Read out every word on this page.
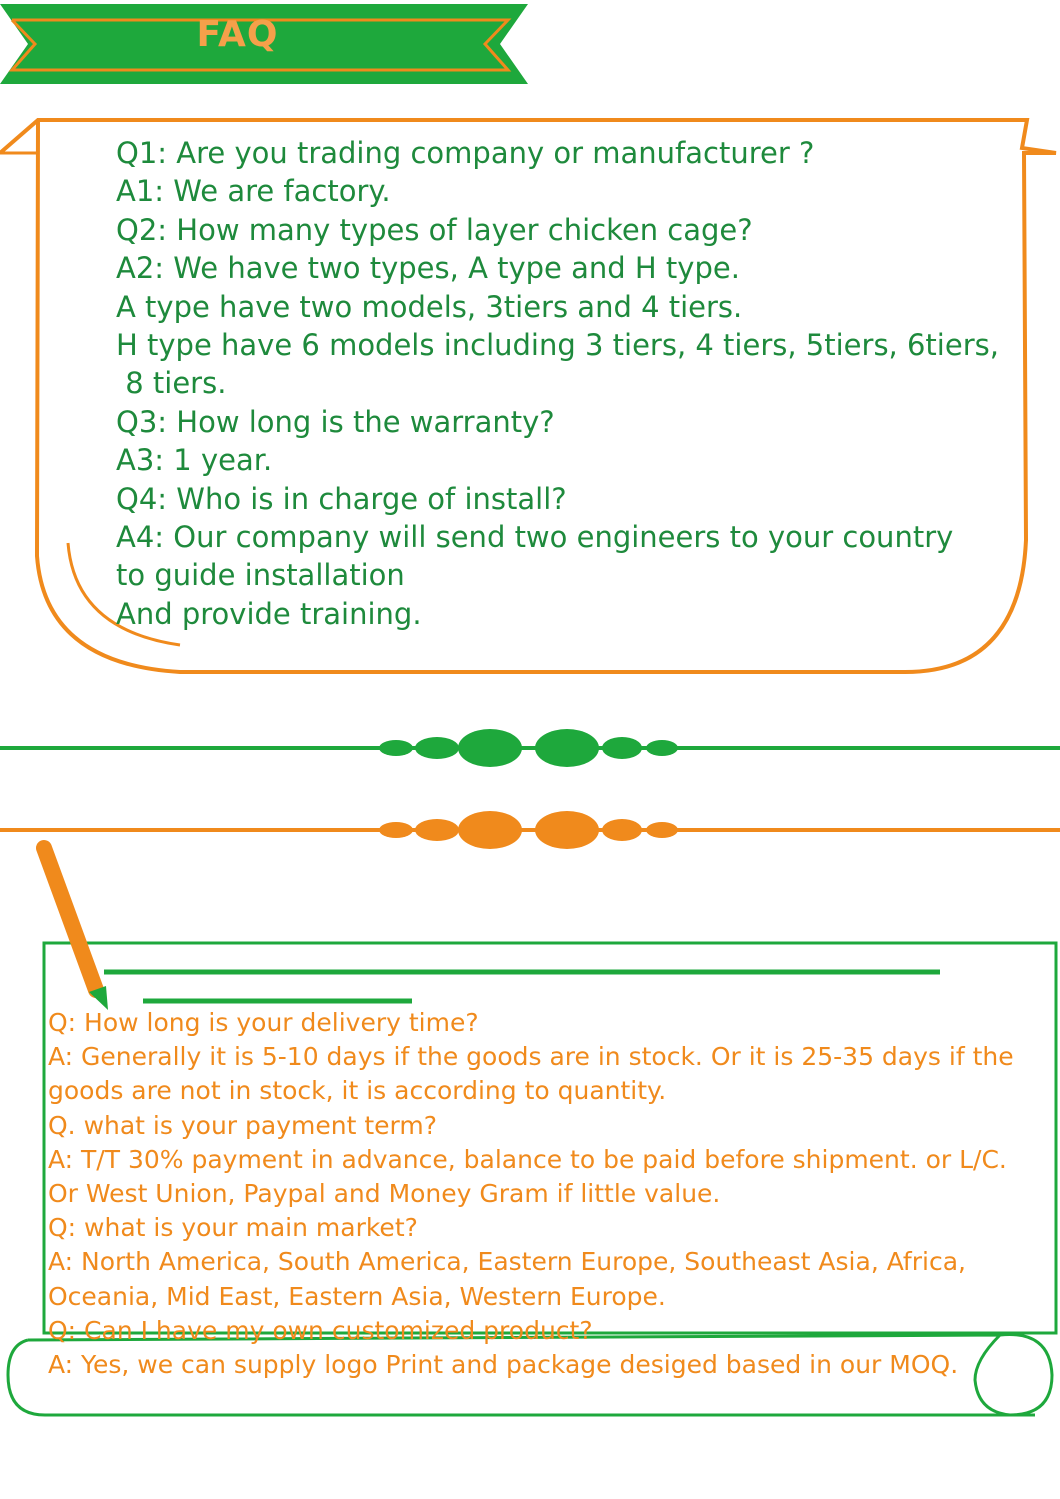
FAQ
Q1: Are you trading company or manufacturer ?
A1: We are factory.
Q2: How many types of layer chicken cage?
A2: We have two types, A type and H type.
A type have two models, 3tiers and 4 tiers.
H type have 6 models including 3 tiers, 4 tiers, 5tiers, 6tiers,
8 tiers.
Q3: How long is the warranty?
A3: 1 year.
Q4: Who is in charge of install?
A4: Our company will send two engineers to your country
to guide installation
And provide training.
Q: How long is your delivery time?
A: Generally it is 5-10 days if the goods are in stock. Or it is 25-35 days if the
goods are not in stock, it is according to quantity.
Q. what is your payment term?
A: T/T 30% payment in advance, balance to be paid before shipment. or L/C.
Or West Union, Paypal and Money Gram if little value.
Q: what is your main market?
A: North America, South America, Eastern Europe, Southeast Asia, Africa,
Oceania, Mid East, Eastern Asia, Western Europe.
Q: Can I have my own customized product?
A: Yes, we can supply logo Print and package desiged based in our MOQ.
